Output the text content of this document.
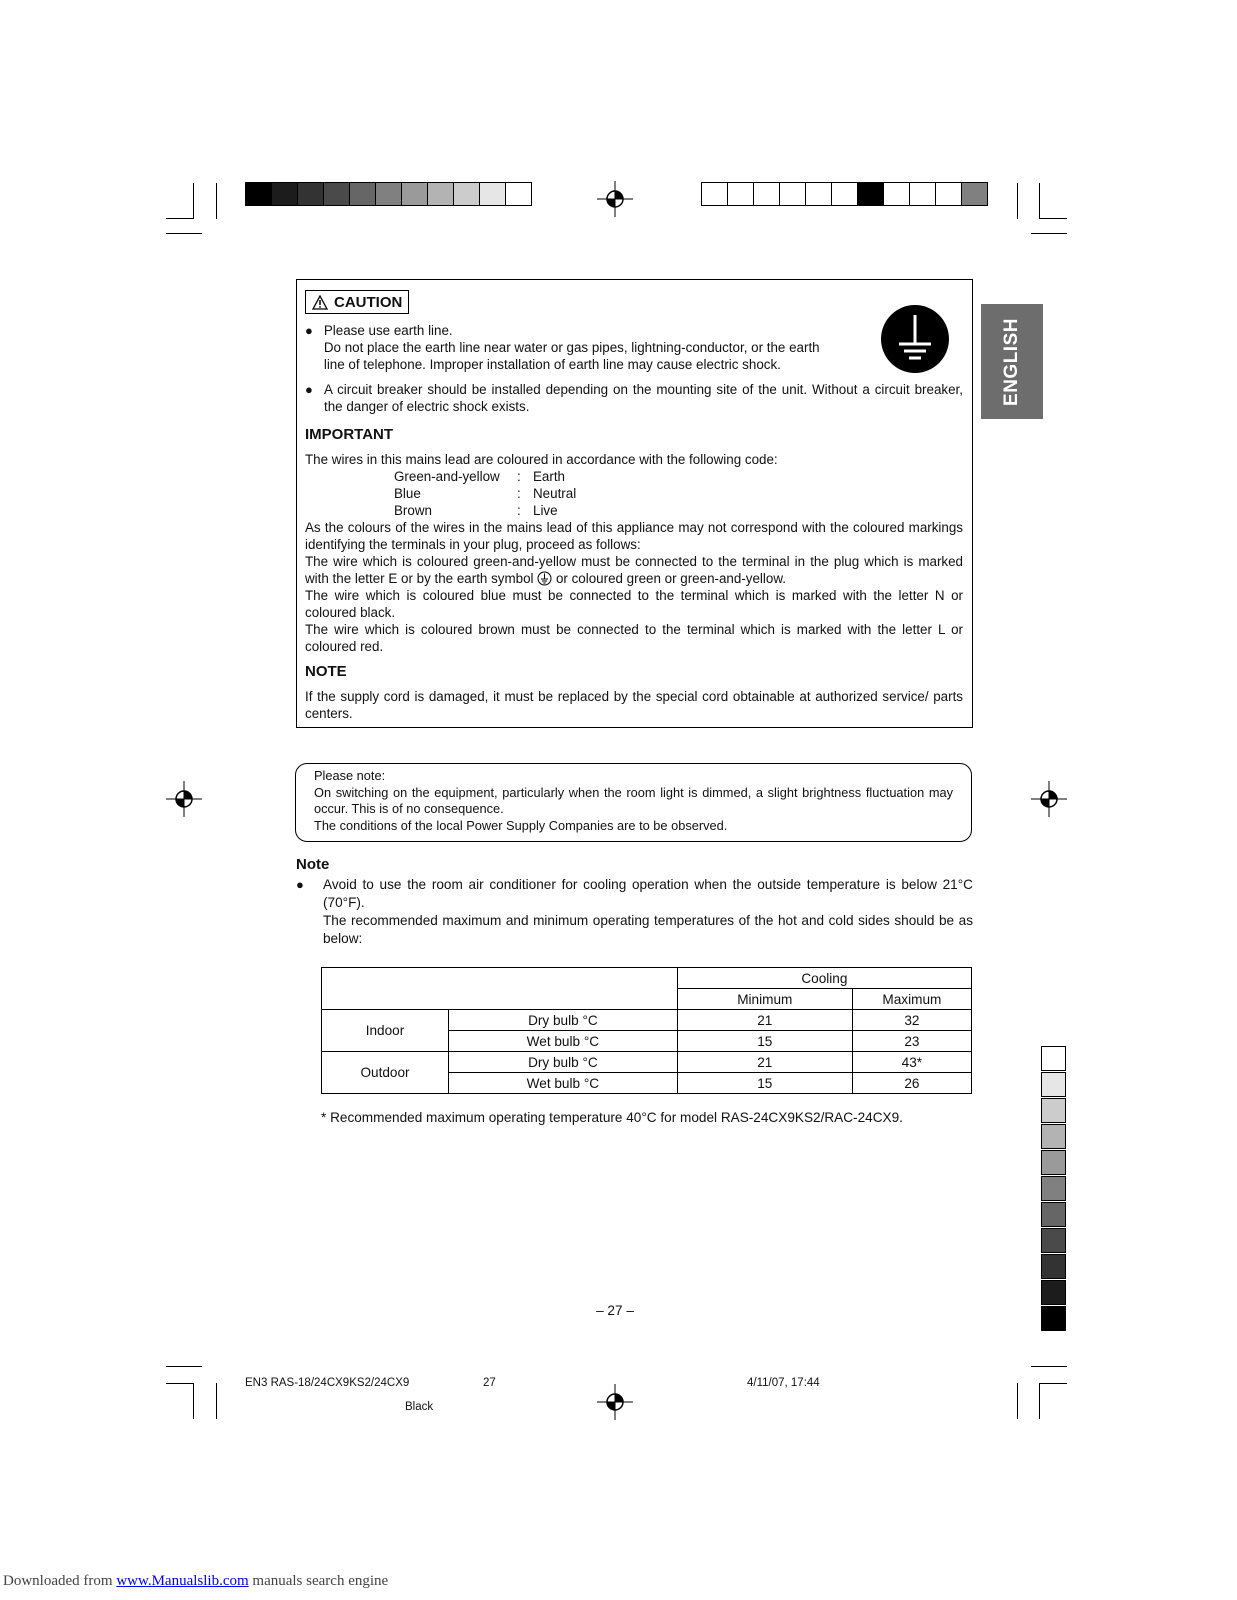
ENGLISH
CAUTION
● Please use earth line.
Do not place the earth line near water or gas pipes, lightning-conductor, or the earth
line of telephone. Improper installation of earth line may cause electric shock.
● A circuit breaker should be installed depending on the mounting site of the unit. Without a circuit breaker, the danger of electric shock exists.
IMPORTANT
The wires in this mains lead are coloured in accordance with the following code:
Green-and-yellow	: Earth
Blue	: Neutral
Brown	: Live
As the colours of the wires in the mains lead of this appliance may not correspond with the coloured markings identifying the terminals in your plug, proceed as follows:
The wire which is coloured green-and-yellow must be connected to the terminal in the plug which is marked with the letter E or by the earth symbol or coloured green or green-and-yellow.
The wire which is coloured blue must be connected to the terminal which is marked with the letter N or coloured black.
The wire which is coloured brown must be connected to the terminal which is marked with the letter L or coloured red.
NOTE
If the supply cord is damaged, it must be replaced by the special cord obtainable at authorized service/ parts centers.
Please note:
On switching on the equipment, particularly when the room light is dimmed, a slight brightness fluctuation may occur. This is of no consequence.
The conditions of the local Power Supply Companies are to be observed.
Note
●	Avoid to use the room air conditioner for cooling operation when the outside temperature is below 21°C (70°F).
The recommended maximum and minimum operating temperatures of the hot and cold sides should be as below:
		Cooling	
		Minimum	Maximum
Indoor	Dry bulb °C	21	32
	Wet bulb °C	15	23
Outdoor	Dry bulb °C	21	43*
	Wet bulb °C	15	26
* Recommended maximum operating temperature 40°C for model RAS-24CX9KS2/RAC-24CX9.
– 27 –
EN3 RAS-18/24CX9KS2/24CX9	27	4/11/07, 17:44
Black
Downloaded from www.Manualslib.com manuals search engine
